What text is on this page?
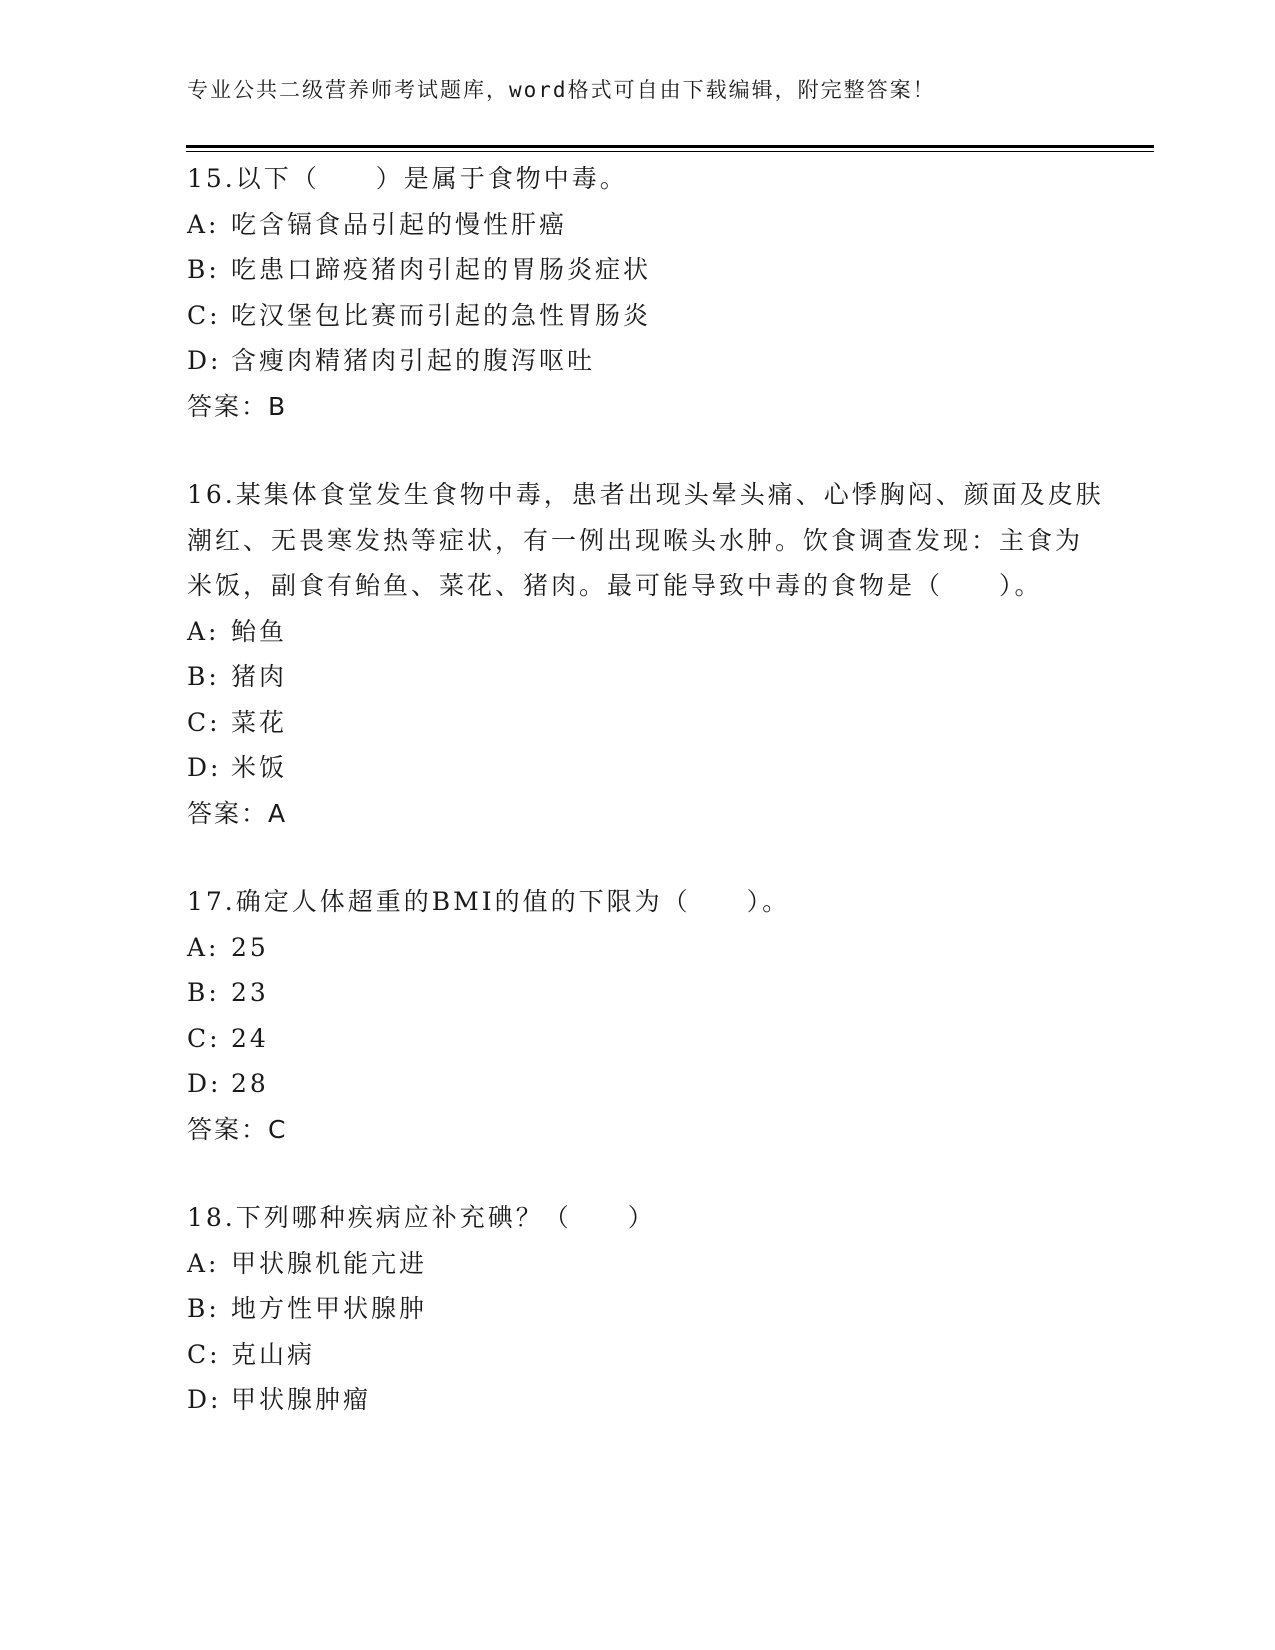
专业公共二级营养师考试题库，word格式可自由下载编辑，附完整答案！
15.以下（　　）是属于食物中毒。
A: 吃含镉食品引起的慢性肝癌
B: 吃患口蹄疫猪肉引起的胃肠炎症状
C: 吃汉堡包比赛而引起的急性胃肠炎
D: 含瘦肉精猪肉引起的腹泻呕吐
答案：B
16.某集体食堂发生食物中毒，患者出现头晕头痛、心悸胸闷、颜面及皮肤潮红、无畏寒发热等症状，有一例出现喉头水肿。饮食调查发现：主食为米饭，副食有鲐鱼、菜花、猪肉。最可能导致中毒的食物是（　　）。
A: 鲐鱼
B: 猪肉
C: 菜花
D: 米饭
答案：A
17.确定人体超重的BMI的值的下限为（　　）。
A: 25
B: 23
C: 24
D: 28
答案：C
18.下列哪种疾病应补充碘？（　　）
A: 甲状腺机能亢进
B: 地方性甲状腺肿
C: 克山病
D: 甲状腺肿瘤
